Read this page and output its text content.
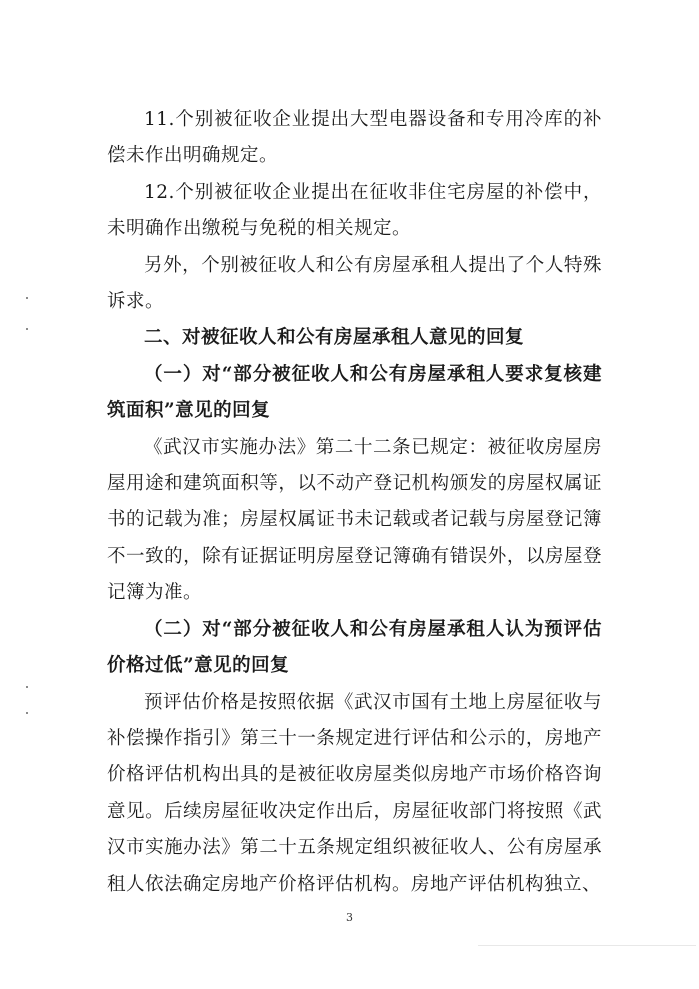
11.个别被征收企业提出大型电器设备和专用冷库的补偿未作出明确规定。

12.个别被征收企业提出在征收非住宅房屋的补偿中，未明确作出缴税与免税的相关规定。

另外，个别被征收人和公有房屋承租人提出了个人特殊诉求。

二、对被征收人和公有房屋承租人意见的回复

（一）对“部分被征收人和公有房屋承租人要求复核建筑面积”意见的回复

《武汉市实施办法》第二十二条已规定：被征收房屋房屋用途和建筑面积等，以不动产登记机构颁发的房屋权属证书的记载为准；房屋权属证书未记载或者记载与房屋登记簿不一致的，除有证据证明房屋登记簿确有错误外，以房屋登记簿为准。

（二）对“部分被征收人和公有房屋承租人认为预评估价格过低”意见的回复

预评估价格是按照依据《武汉市国有土地上房屋征收与补偿操作指引》第三十一条规定进行评估和公示的，房地产价格评估机构出具的是被征收房屋类似房地产市场价格咨询意见。后续房屋征收决定作出后，房屋征收部门将按照《武汉市实施办法》第二十五条规定组织被征收人、公有房屋承租人依法确定房地产价格评估机构。房地产评估机构独立、

3
